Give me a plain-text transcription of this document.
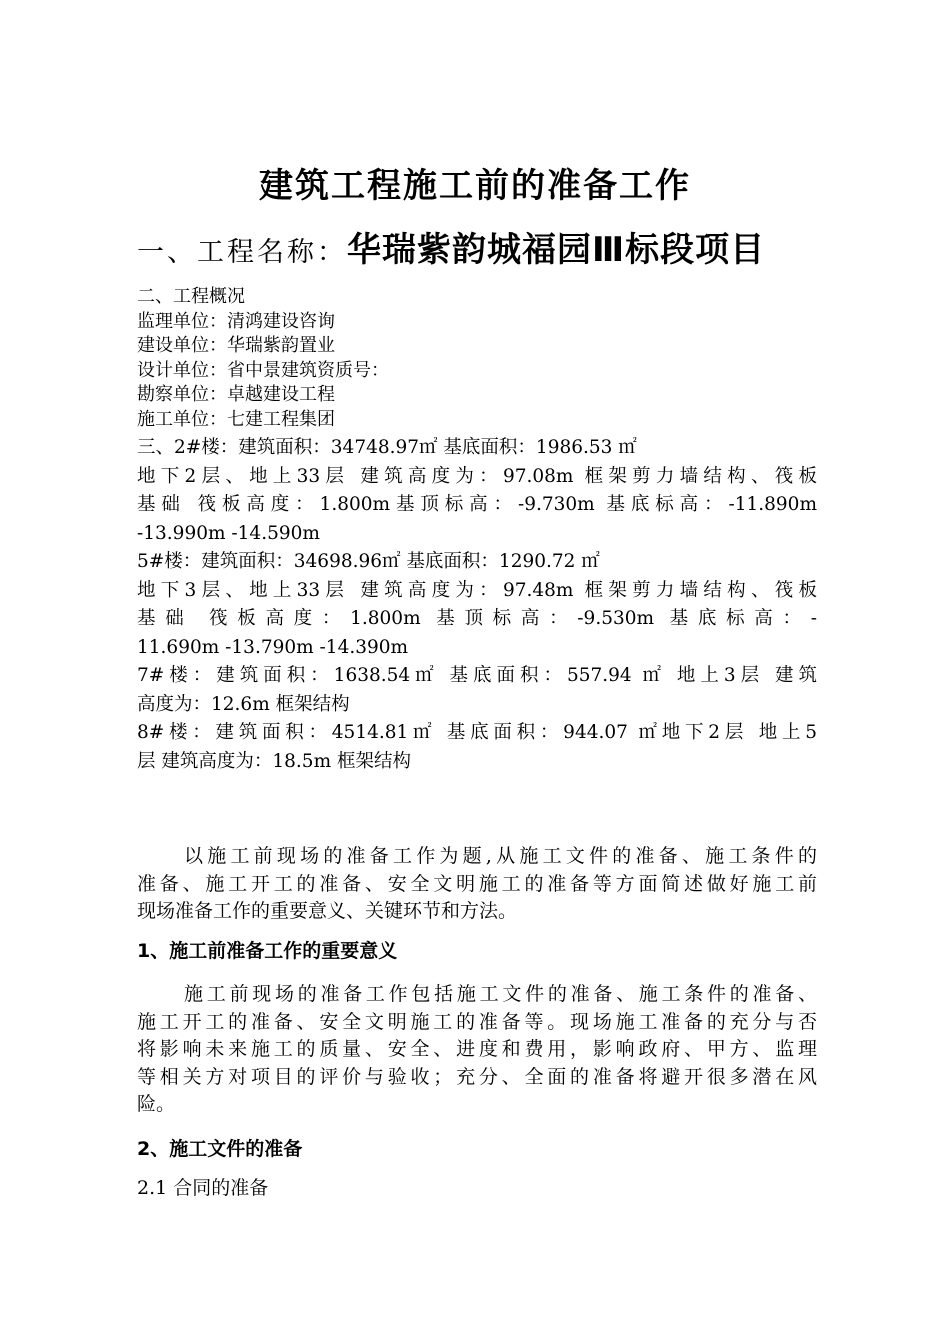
建筑工程施工前的准备工作
一、工程名称：华瑞紫韵城福园Ⅲ标段项目
二、工程概况
监理单位：清鸿建设咨询
建设单位：华瑞紫韵置业
设计单位：省中景建筑资质号：
勘察单位：卓越建设工程
施工单位：七建工程集团
三、2#楼：建筑面积：34748.97㎡ 基底面积：1986.53 ㎡
地下2层、地上33层 建筑高度为：97.08m 框架剪力墙结构、筏板
基础 筏板高度：1.800m基顶标高：-9.730m 基底标高：-11.890m
-13.990m -14.590m
5#楼：建筑面积：34698.96㎡ 基底面积：1290.72 ㎡
地下3层、地上33层 建筑高度为：97.48m 框架剪力墙结构、筏板
基础 筏板高度：1.800m 基顶标高：-9.530m 基底标高：-
11.690m -13.790m -14.390m
7#楼：建筑面积：1638.54㎡ 基底面积：557.94 ㎡ 地上3层 建筑
高度为：12.6m 框架结构
8#楼：建筑面积：4514.81㎡ 基底面积：944.07 ㎡地下2层 地上5
层 建筑高度为：18.5m 框架结构
以施工前现场的准备工作为题,从施工文件的准备、施工条件的
准备、施工开工的准备、安全文明施工的准备等方面简述做好施工前
现场准备工作的重要意义、关键环节和方法。
1、施工前准备工作的重要意义
施工前现场的准备工作包括施工文件的准备、施工条件的准备、
施工开工的准备、安全文明施工的准备等。现场施工准备的充分与否
将影响未来施工的质量、安全、进度和费用，影响政府、甲方、监理
等相关方对项目的评价与验收；充分、全面的准备将避开很多潜在风
险。
2、施工文件的准备
2.1 合同的准备
